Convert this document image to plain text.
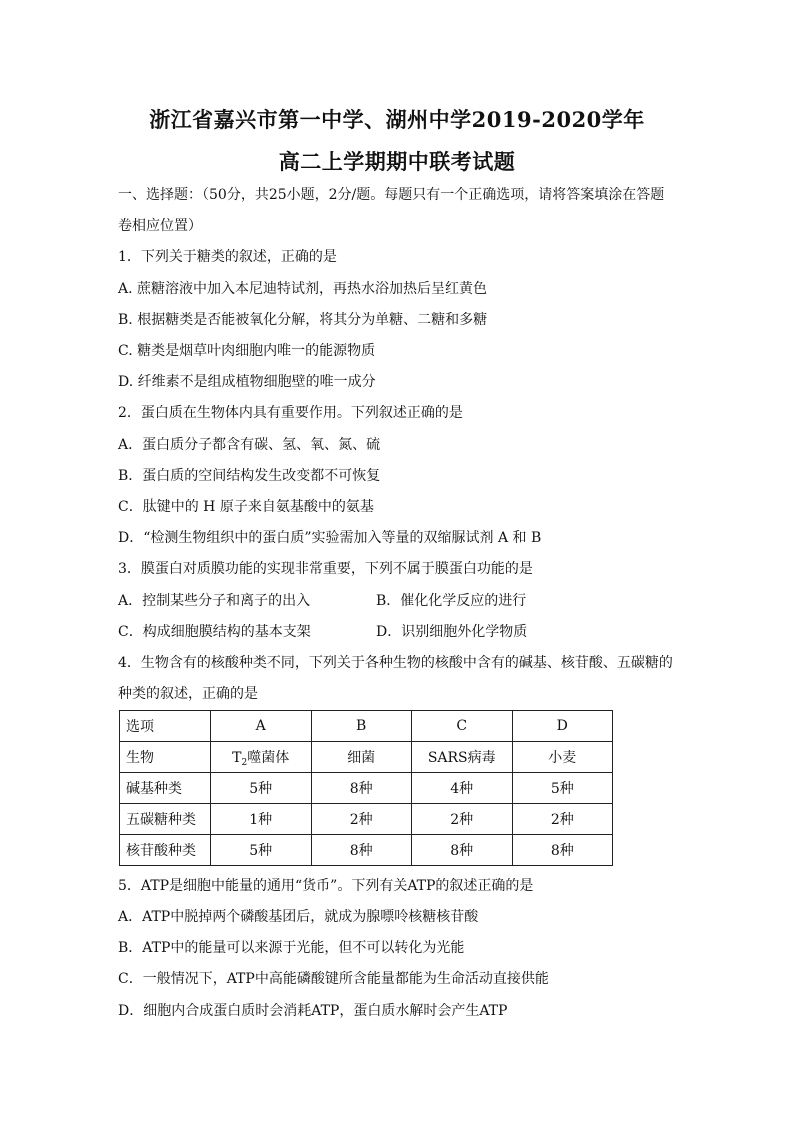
浙江省嘉兴市第一中学、湖州中学2019-2020学年
高二上学期期中联考试题
一、选择题：（50分，共25小题，2分/题。每题只有一个正确选项，请将答案填涂在答题
卷相应位置）
1．下列关于糖类的叙述，正确的是
A. 蔗糖溶液中加入本尼迪特试剂，再热水浴加热后呈红黄色
B. 根据糖类是否能被氧化分解，将其分为单糖、二糖和多糖
C. 糖类是烟草叶肉细胞内唯一的能源物质
D. 纤维素不是组成植物细胞壁的唯一成分
2．蛋白质在生物体内具有重要作用。下列叙述正确的是
A．蛋白质分子都含有碳、氢、氧、氮、硫
B．蛋白质的空间结构发生改变都不可恢复
C．肽键中的 H 原子来自氨基酸中的氨基
D．“检测生物组织中的蛋白质”实验需加入等量的双缩脲试剂 A 和 B
3．膜蛋白对质膜功能的实现非常重要，下列不属于膜蛋白功能的是
A．控制某些分子和离子的出入	B．催化化学反应的进行
C．构成细胞膜结构的基本支架	D．识别细胞外化学物质
4．生物含有的核酸种类不同，下列关于各种生物的核酸中含有的碱基、核苷酸、五碳糖的
种类的叙述，正确的是
选项	A	B	C	D
生物	$T_2$噬菌体	细菌	SARS病毒	小麦
碱基种类	5种	8种	4种	5种
五碳糖种类	1种	2种	2种	2种
核苷酸种类	5种	8种	8种	8种
5．ATP是细胞中能量的通用“货币”。下列有关ATP的叙述正确的是
A．ATP中脱掉两个磷酸基团后，就成为腺嘌呤核糖核苷酸
B．ATP中的能量可以来源于光能，但不可以转化为光能
C．一般情况下，ATP中高能磷酸键所含能量都能为生命活动直接供能
D．细胞内合成蛋白质时会消耗ATP，蛋白质水解时会产生ATP
